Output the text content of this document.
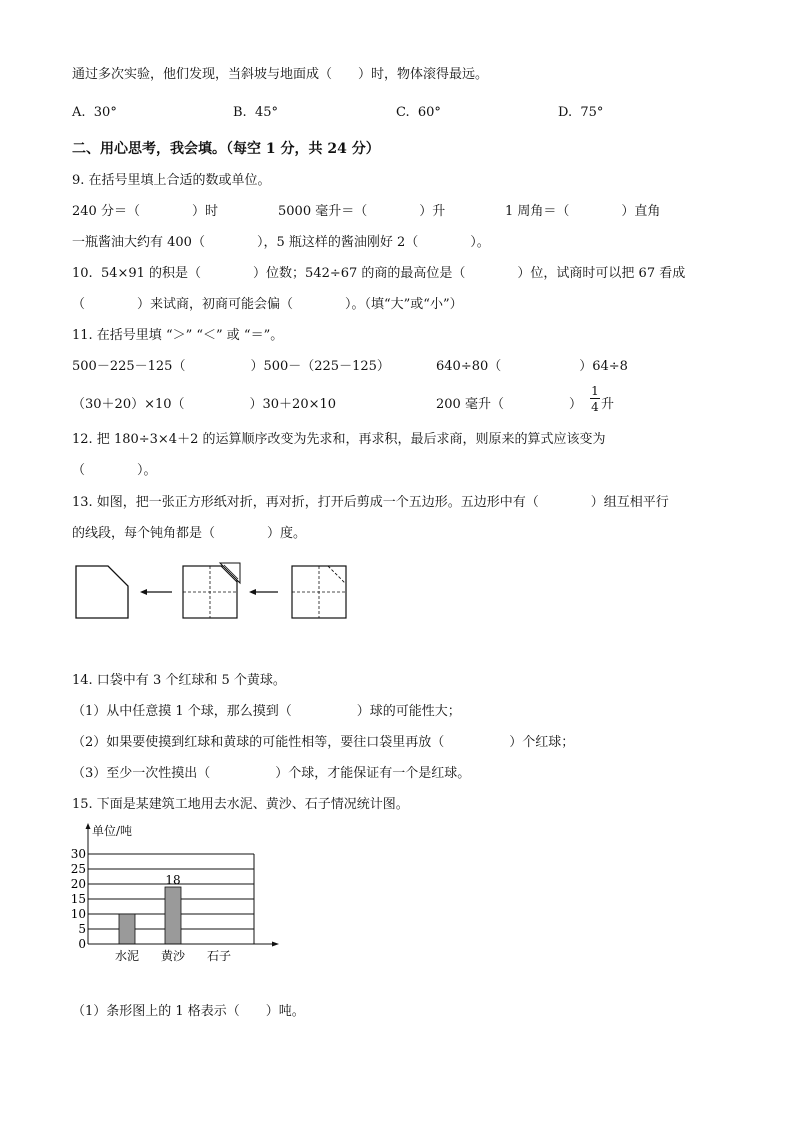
通过多次实验，他们发现，当斜坡与地面成（　　）时，物体滚得最远。
A.  30°	B.  45°	C.  60°	D.  75°
二、用心思考，我会填。（每空 1 分，共 24 分）
9. 在括号里填上合适的数或单位。
240 分＝（　　　　）时	5000 毫升＝（　　　　）升	1 周角＝（　　　　）直角
一瓶酱油大约有 400（　　　　），5 瓶这样的酱油刚好 2（　　　　）。
10.  54×91 的积是（　　　　）位数；542÷67 的商的最高位是（　　　　）位，试商时可以把 67 看成
（　　　　）来试商，初商可能会偏（　　　　）。（填“大”或“小”）
11. 在括号里填 “＞” “＜” 或 “＝”。
500－225－125（　　　　　）500－（225－125）	640÷80（　　　　　　）64÷8
（30＋20）×10（　　　　　）30＋20×10	200 毫升（　　　　　）
1
4 升
12. 把 180÷3×4＋2 的运算顺序改变为先求和，再求积，最后求商，则原来的算式应该变为
（　　　　）。
13. 如图，把一张正方形纸对折，再对折，打开后剪成一个五边形。五边形中有（　　　　）组互相平行
的线段，每个钝角都是（　　　　）度。
14. 口袋中有 3 个红球和 5 个黄球。
（1）从中任意摸 1 个球，那么摸到（　　　　　）球的可能性大；
（2）如果要使摸到红球和黄球的可能性相等，要往口袋里再放（　　　　　）个红球；
（3）至少一次性摸出（　　　　　）个球，才能保证有一个是红球。
15. 下面是某建筑工地用去水泥、黄沙、石子情况统计图。
单位/吨
18
0
5
10
15
20
25
30
水泥 黄沙 石子
（1）条形图上的 1 格表示（　　）吨。
